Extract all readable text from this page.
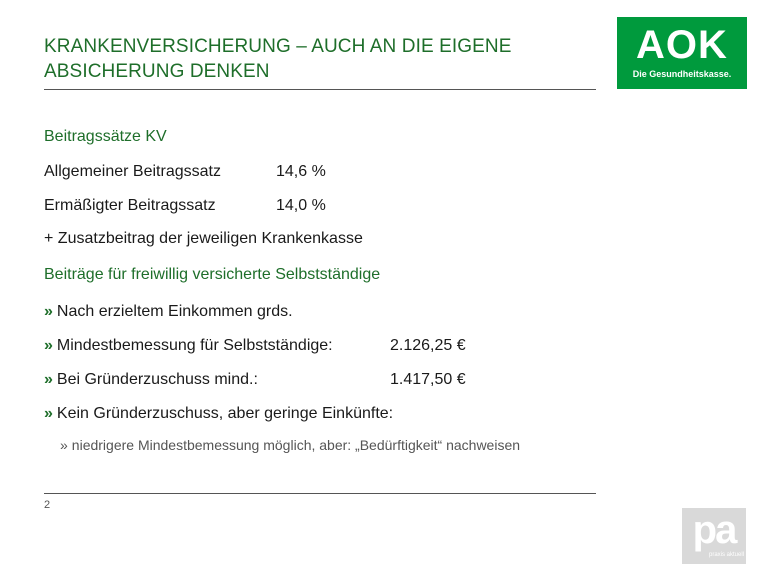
KRANKENVERSICHERUNG – AUCH AN DIE EIGENE ABSICHERUNG DENKEN
AOK
Die Gesundheitskasse.
Beitragssätze KV
Allgemeiner Beitragssatz	14,6 %
Ermäßigter Beitragssatz	14,0 %
+ Zusatzbeitrag der jeweiligen Krankenkasse
Beiträge für freiwillig versicherte Selbstständige
» Nach erzieltem Einkommen grds.
» Mindestbemessung für Selbstständige:	2.126,25 €
» Bei Gründerzuschuss mind.:	1.417,50 €
» Kein Gründerzuschuss, aber geringe Einkünfte:
» niedrigere Mindestbemessung möglich, aber: „Bedürftigkeit“ nachweisen
2
pa
praxis aktuell
